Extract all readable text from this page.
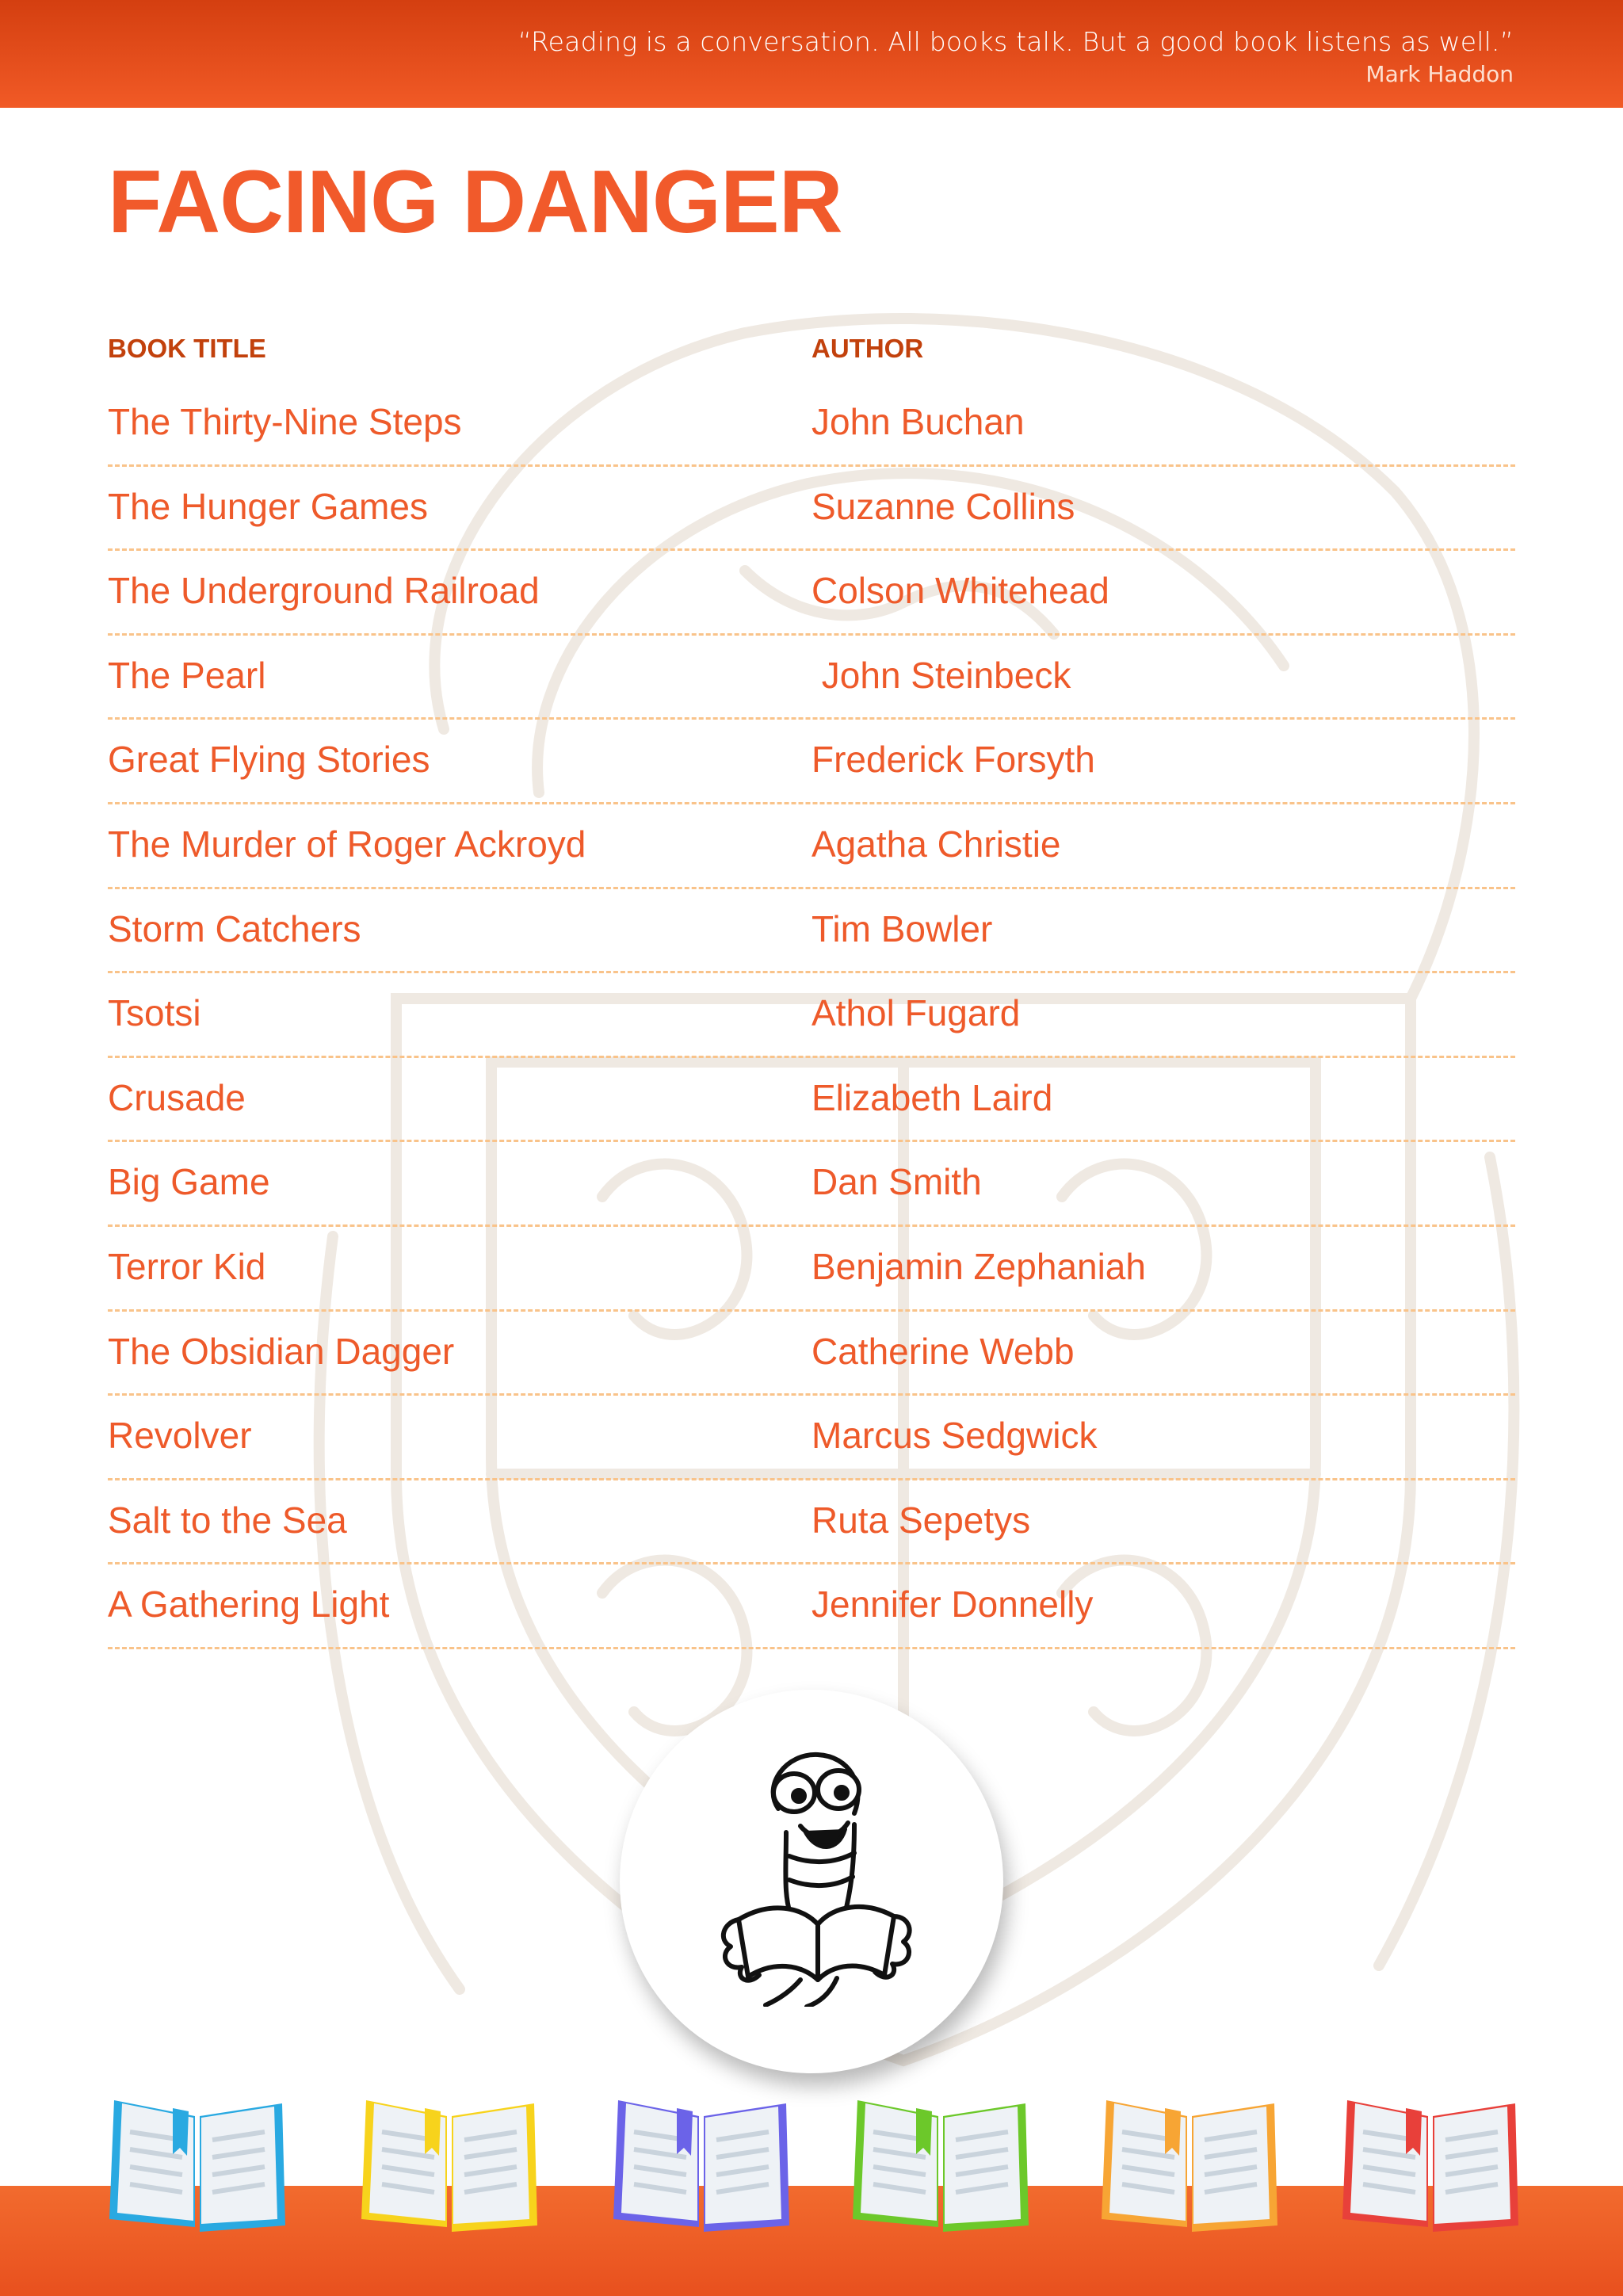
“Reading is a conversation. All books talk. But a good book listens as well.”
Mark Haddon
FACING DANGER
BOOK TITLE	AUTHOR
The Thirty-Nine Steps	John Buchan
The Hunger Games	Suzanne Collins
The Underground Railroad	Colson Whitehead
The Pearl	John Steinbeck
Great Flying Stories	Frederick Forsyth
The Murder of Roger Ackroyd	Agatha Christie
Storm Catchers	Tim Bowler
Tsotsi	Athol Fugard
Crusade	Elizabeth Laird
Big Game	Dan Smith
Terror Kid	Benjamin Zephaniah
The Obsidian Dagger	Catherine Webb
Revolver	Marcus Sedgwick
Salt to the Sea	Ruta Sepetys
A Gathering Light	Jennifer Donnelly
